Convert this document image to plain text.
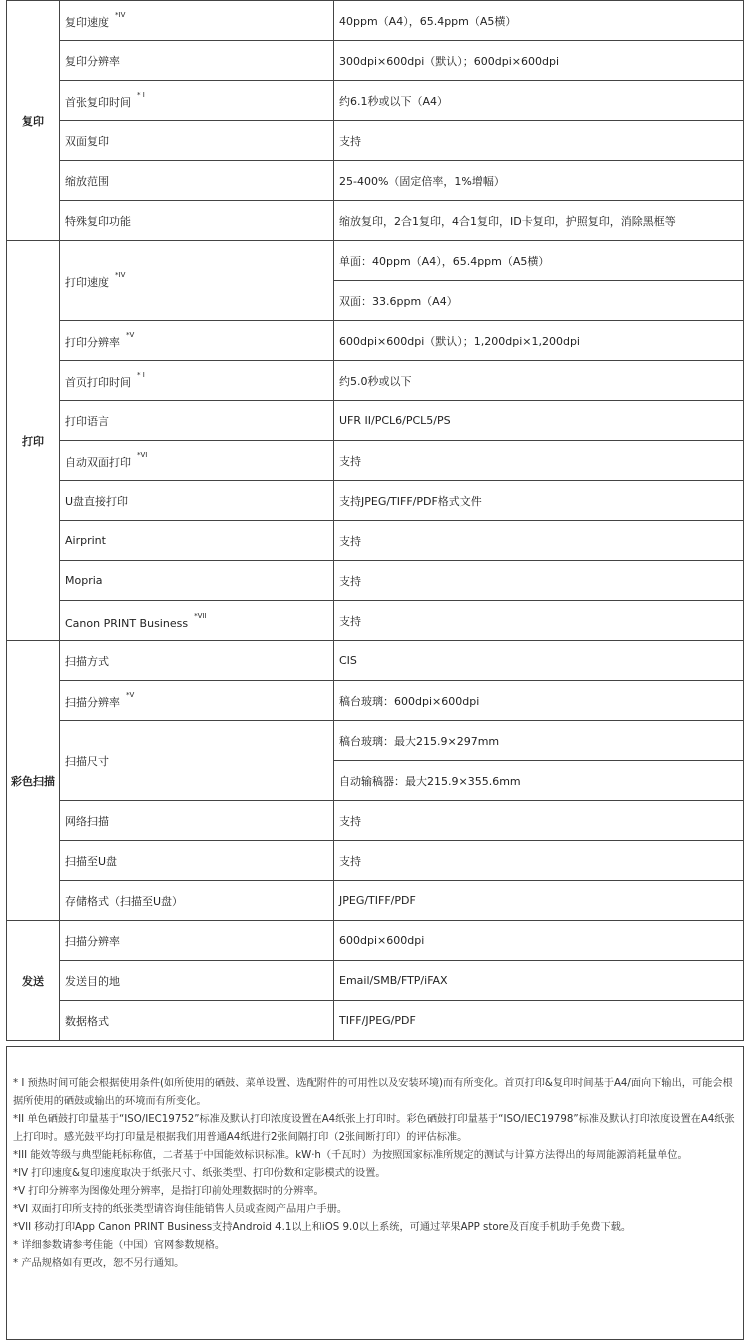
复印	复印速度$^{*IV}$	40ppm（A4），65.4ppm（A5横）
	复印分辨率	300dpi×600dpi（默认）；600dpi×600dpi
	首张复印时间$^{* I}$	约6.1秒或以下（A4）
	双面复印	支持
	缩放范围	25-400%（固定倍率，1%增幅）
	特殊复印功能	缩放复印，2合1复印，4合1复印，ID卡复印，护照复印，消除黑框等
打印	打印速度$^{*IV}$	单面：40ppm（A4），65.4ppm（A5横）
		双面：33.6ppm（A4）
	打印分辨率$^{*V}$	600dpi×600dpi（默认）；1,200dpi×1,200dpi
	首页打印时间$^{* I}$	约5.0秒或以下
	打印语言	UFR II/PCL6/PCL5/PS
	自动双面打印$^{*VI}$	支持
	U盘直接打印	支持JPEG/TIFF/PDF格式文件
	Airprint	支持
	Mopria	支持
	Canon PRINT Business$^{*VII}$	支持
彩色扫描	扫描方式	CIS
	扫描分辨率$^{*V}$	稿台玻璃：600dpi×600dpi
	扫描尺寸	稿台玻璃：最大215.9×297mm
		自动输稿器：最大215.9×355.6mm
	网络扫描	支持
	扫描至U盘	支持
	存储格式（扫描至U盘）	JPEG/TIFF/PDF
发送	扫描分辨率	600dpi×600dpi
	发送目的地	Email/SMB/FTP/iFAX
	数据格式	TIFF/JPEG/PDF

* I 预热时间可能会根据使用条件(如所使用的硒鼓、菜单设置、选配附件的可用性以及安装环境)而有所变化。首页打印&复印时间基于A4/面向下输出，可能会根据所使用的硒鼓或输出的环境而有所变化。

*II 单色硒鼓打印量基于“ISO/IEC19752”标准及默认打印浓度设置在A4纸张上打印时。彩色硒鼓打印量基于“ISO/IEC19798”标准及默认打印浓度设置在A4纸张上打印时。感光鼓平均打印量是根据我们用普通A4纸进行2张间隔打印（2张间断打印）的评估标准。

*III 能效等级与典型能耗标称值，二者基于中国能效标识标准。kW·h（千瓦时）为按照国家标准所规定的测试与计算方法得出的每周能源消耗量单位。

*IV 打印速度&复印速度取决于纸张尺寸、纸张类型、打印份数和定影模式的设置。

*V 打印分辨率为图像处理分辨率，是指打印前处理数据时的分辨率。

*VI 双面打印所支持的纸张类型请咨询佳能销售人员或查阅产品用户手册。

*VII 移动打印App Canon PRINT Business支持Android 4.1以上和iOS 9.0以上系统，可通过苹果APP store及百度手机助手免费下载。

* 详细参数请参考佳能（中国）官网参数规格。

* 产品规格如有更改，恕不另行通知。
